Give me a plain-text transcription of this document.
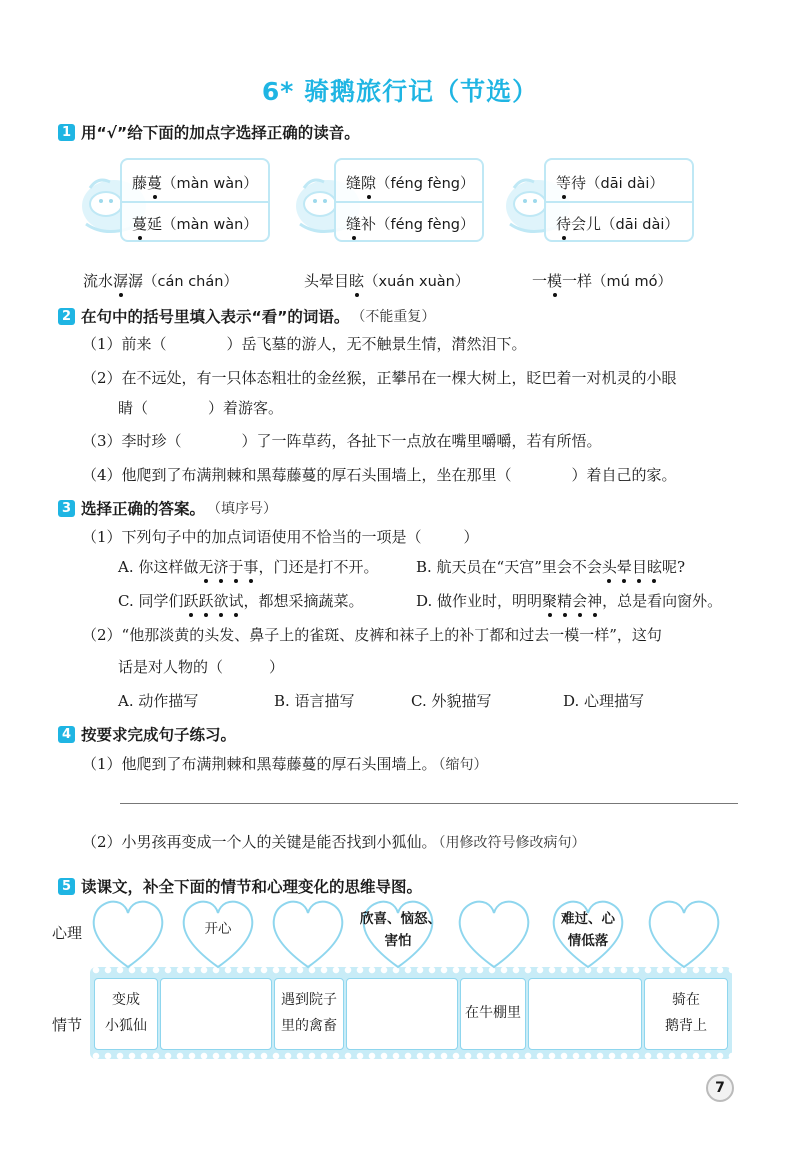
6* 骑鹅旅行记（节选）
1 用“√”给下面的加点字选择正确的读音。
藤蔓（màn wàn）
蔓延（màn wàn）
缝隙（féng fèng）
缝补（féng fèng）
等待（dāi dài）
待会儿（dāi dài）
流水潺潺（cán chán）	头晕目眩（xuán xuàn）	一模一样（mú mó）
2 在句中的括号里填入表示“看”的词语。 （不能重复）
（1）前来（	）岳飞墓的游人，无不触景生情，潸然泪下。
（2）在不远处，有一只体态粗壮的金丝猴，正攀吊在一棵大树上，眨巴着一对机灵的小眼
睛（	）着游客。
（3）李时珍（	）了一阵草药，各扯下一点放在嘴里嚼嚼，若有所悟。
（4）他爬到了布满荆棘和黑莓藤蔓的厚石头围墙上，坐在那里（	）着自己的家。
3 选择正确的答案。 （填序号）
（1）下列句子中的加点词语使用不恰当的一项是（	）
A. 你这样做无济于事，门还是打不开。	B. 航天员在“天宫”里会不会头晕目眩呢?
C. 同学们跃跃欲试，都想采摘蔬菜。	D. 做作业时，明明聚精会神，总是看向窗外。
（2）“他那淡黄的头发、鼻子上的雀斑、皮裤和袜子上的补丁都和过去一模一样”，这句
话是对人物的（	）
A. 动作描写	B. 语言描写	C. 外貌描写	D. 心理描写
4 按要求完成句子练习。
（1）他爬到了布满荆棘和黑莓藤蔓的厚石头围墙上。 （缩句）
（2）小男孩再变成一个人的关键是能否找到小狐仙。 （用修改符号修改病句）
5 读课文，补全下面的情节和心理变化的思维导图。
心理
情节
开心
欣喜、恼怒、
害怕
难过、心
情低落
变成
小狐仙
遇到院子
里的禽畜
在牛棚里
骑在
鹅背上
7
